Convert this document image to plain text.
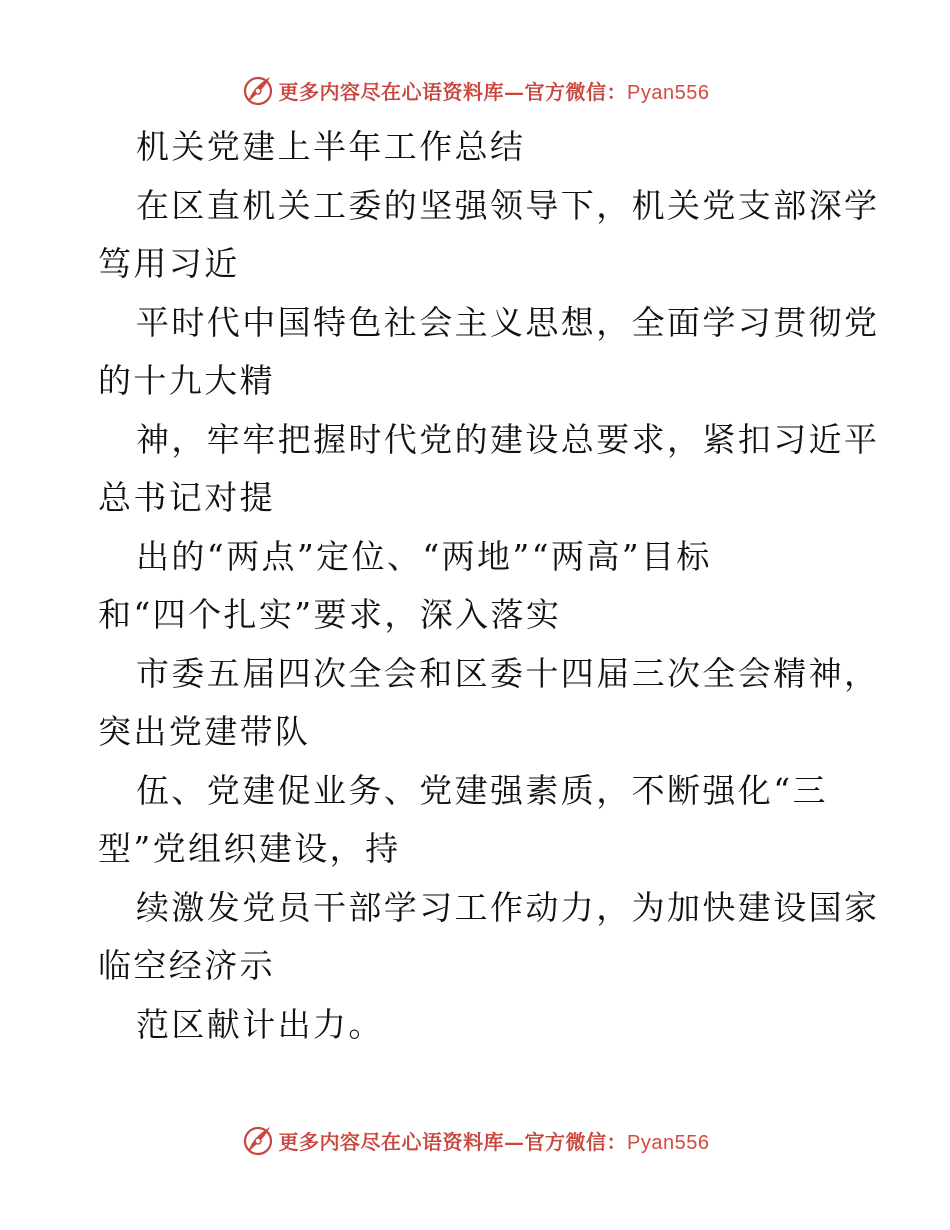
更多内容尽在心语资料库—官方微信：Pyan556
机关党建上半年工作总结
在区直机关工委的坚强领导下，机关党支部深学
笃用习近
平时代中国特色社会主义思想，全面学习贯彻党
的十九大精
神，牢牢把握时代党的建设总要求，紧扣习近平
总书记对提
出的“两点”定位、“两地”“两高”目标
和“四个扎实”要求，深入落实
市委五届四次全会和区委十四届三次全会精神，
突出党建带队
伍、党建促业务、党建强素质，不断强化“三
型”党组织建设，持
续激发党员干部学习工作动力，为加快建设国家
临空经济示
范区献计出力。
更多内容尽在心语资料库—官方微信：Pyan556
